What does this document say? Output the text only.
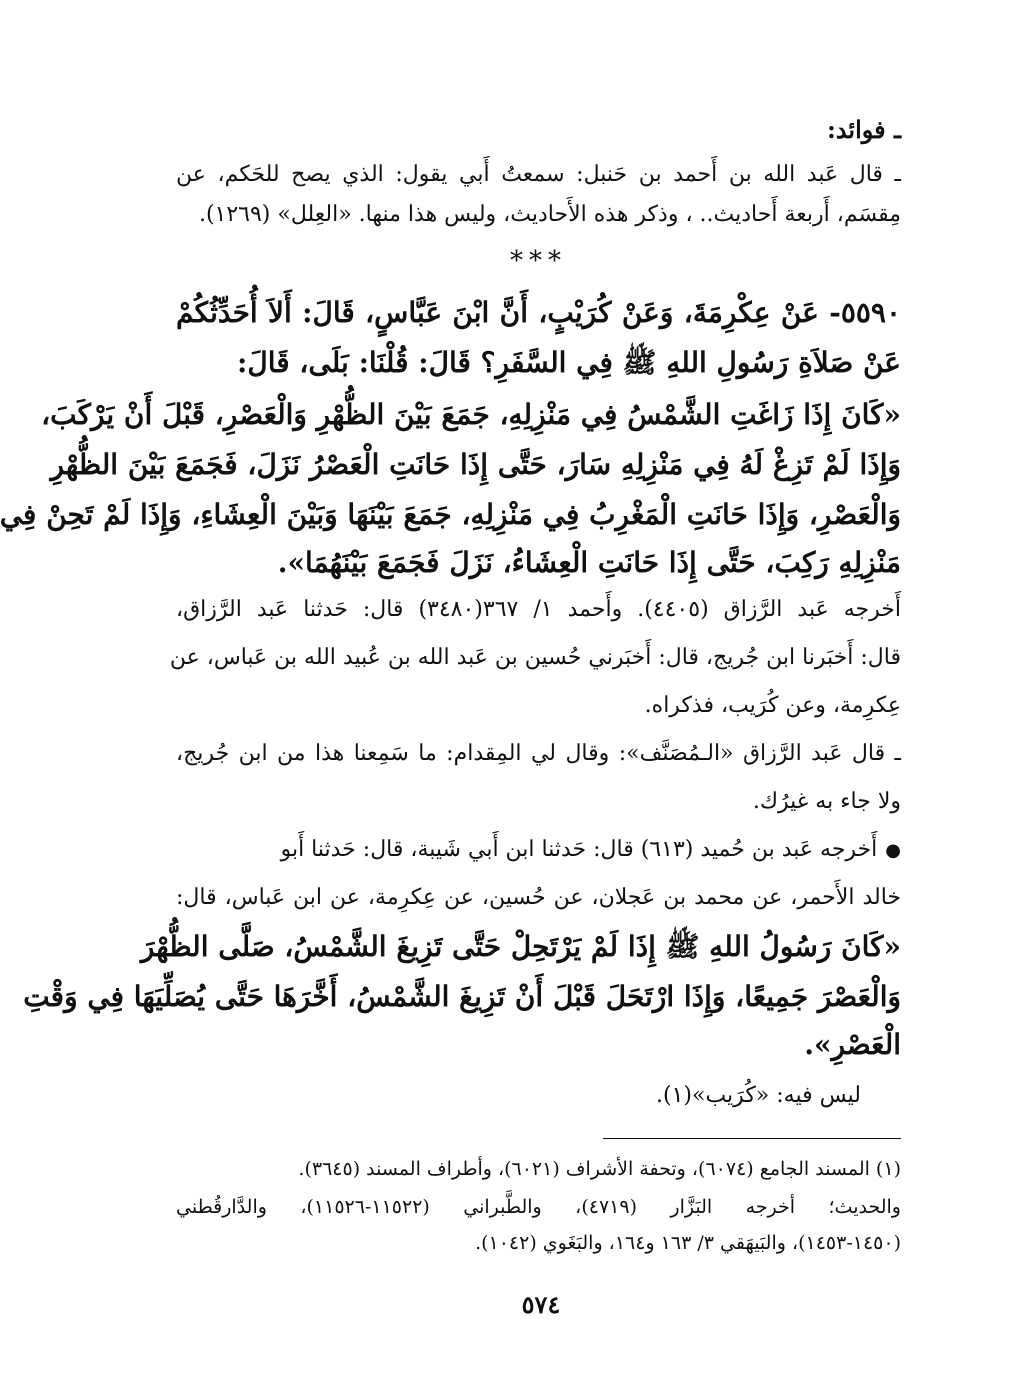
ـ فوائد:
ـ قال عَبد الله بن أَحمد بن حَنبل: سمعتُ أَبي يقول: الذي يصح للحَكم، عن
مِقسَم، أَربعة أَحاديث.. ، وذكر هذه الأَحاديث، وليس هذا منها. «العِلل» (١٢٦٩).
***
٥٥٩٠- عَنْ عِكْرِمَةَ، وَعَنْ كُرَيْبٍ، أَنَّ ابْنَ عَبَّاسٍ، قَالَ: أَلاَ أُحَدِّثُكُمْ
عَنْ صَلاَةِ رَسُولِ اللهِ ﷺ فِي السَّفَرِ؟ قَالَ: قُلْنَا: بَلَى، قَالَ:
«كَانَ إِذَا زَاغَتِ الشَّمْسُ فِي مَنْزِلِهِ، جَمَعَ بَيْنَ الظُّهْرِ وَالْعَصْرِ، قَبْلَ أَنْ يَرْكَبَ،
وَإِذَا لَمْ تَزِغْ لَهُ فِي مَنْزِلِهِ سَارَ، حَتَّى إِذَا حَانَتِ الْعَصْرُ نَزَلَ، فَجَمَعَ بَيْنَ الظُّهْرِ
وَالْعَصْرِ، وَإِذَا حَانَتِ الْمَغْرِبُ فِي مَنْزِلِهِ، جَمَعَ بَيْنَهَا وَبَيْنَ الْعِشَاءِ، وَإِذَا لَمْ تَحِنْ فِي
مَنْزِلِهِ رَكِبَ، حَتَّى إِذَا حَانَتِ الْعِشَاءُ، نَزَلَ فَجَمَعَ بَيْنَهُمَا».
أَخرجه عَبد الرَّزاق (٤٤٠٥). وأَحمد ١/ ٣٦٧(٣٤٨٠) قال: حَدثنا عَبد الرَّزاق،
قال: أَخبَرنا ابن جُريج، قال: أَخبَرني حُسين بن عَبد الله بن عُبيد الله بن عَباس، عن
عِكرِمة، وعن كُرَيب، فذكراه.
ـ قال عَبد الرَّزاق «الـمُصَنَّف»: وقال لي المِقدام: ما سَمِعنا هذا من ابن جُريج،
ولا جاء به غيرُك.
●أَخرجه عَبد بن حُميد (٦١٣) قال: حَدثنا ابن أَبي شَيبة، قال: حَدثنا أَبو
خالد الأَحمر، عن محمد بن عَجلان، عن حُسين، عن عِكرِمة، عن ابن عَباس، قال:
«كَانَ رَسُولُ اللهِ ﷺ إِذَا لَمْ يَرْتَحِلْ حَتَّى تَزِيغَ الشَّمْسُ، صَلَّى الظُّهْرَ
وَالْعَصْرَ جَمِيعًا، وَإِذَا ارْتَحَلَ قَبْلَ أَنْ تَزِيغَ الشَّمْسُ، أَخَّرَهَا حَتَّى يُصَلِّيَهَا فِي وَقْتِ
الْعَصْرِ».
ليس فيه: «كُرَيب»(١).
(١) المسند الجامع (٦٠٧٤)، وتحفة الأشراف (٦٠٢١)، وأطراف المسند (٣٦٤٥).
والحديث؛ أخرجه البَزَّار (٤٧١٩)، والطَّبراني (١١٥٢٢-١١٥٢٦)، والدَّارقُطني
(١٤٥٠-١٤٥٣)، والبَيهَقي ٣/ ١٦٣ و١٦٤، والبَغَوي (١٠٤٢).
٥٧٤
